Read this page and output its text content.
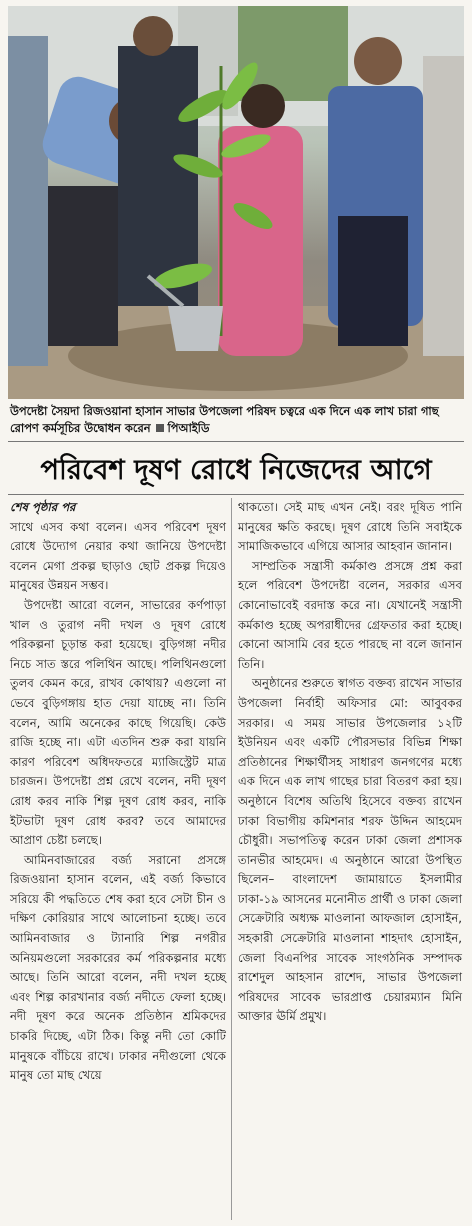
উপদেষ্টা সৈয়দা রিজওয়ানা হাসান সাভার উপজেলা পরিষদ চত্বরে এক দিনে এক লাখ চারা গাছ রোপণ কর্মসূচির উদ্বোধন করেন পিআইডি
পরিবেশ দূষণ রোধে নিজেদের আগে
শেষ পৃষ্ঠার পর

সাথে এসব কথা বলেন। এসব পরিবেশ দূষণ রোধে উদ্যোগ নেয়ার কথা জানিয়ে উপদেষ্টা বলেন মেগা প্রকল্প ছাড়াও ছোট প্রকল্প দিয়েও মানুষের উন্নয়ন সম্ভব।

উপদেষ্টা আরো বলেন, সাভারের কর্ণপাড়া খাল ও তুরাগ নদী দখল ও দূষণ রোধে পরিকল্পনা চূড়ান্ত করা হয়েছে। বুড়িগঙ্গা নদীর নিচে সাত স্তরে পলিথিন আছে। পলিথিনগুলো তুলব কেমন করে, রাখব কোথায়? এগুলো না ভেবে বুড়িগঙ্গায় হাত দেয়া যাচ্ছে না। তিনি বলেন, আমি অনেকের কাছে গিয়েছি। কেউ রাজি হচ্ছে না। এটা এতদিন শুরু করা যায়নি কারণ পরিবেশ অধিদফতরে ম্যাজিস্ট্রেট মাত্র চারজন। উপদেষ্টা প্রশ্ন রেখে বলেন, নদী দূষণ রোধ করব নাকি শিল্প দূষণ রোধ করব, নাকি ইটভাটা দূষণ রোধ করব? তবে আমাদের আপ্রাণ চেষ্টা চলছে।

আমিনবাজারের বর্জ্য সরানো প্রসঙ্গে রিজওয়ানা হাসান বলেন, এই বর্জ্য কিভাবে সরিয়ে কী পদ্ধতিতে শেষ করা হবে সেটা চীন ও দক্ষিণ কোরিয়ার সাথে আলোচনা হচ্ছে। তবে আমিনবাজার ও ট্যানারি শিল্প নগরীর অনিয়মগুলো সরকারের কর্ম পরিকল্পনার মধ্যে আছে। তিনি আরো বলেন, নদী দখল হচ্ছে এবং শিল্প কারখানার বর্জ্য নদীতে ফেলা হচ্ছে। নদী দূষণ করে অনেক প্রতিষ্ঠান শ্রমিকদের চাকরি দিচ্ছে, এটা ঠিক। কিন্তু নদী তো কোটি মানুষকে বাঁচিয়ে রাখে। ঢাকার নদীগুলো থেকে মানুষ তো মাছ খেয়ে

থাকতো। সেই মাছ এখন নেই। বরং দূষিত পানি মানুষের ক্ষতি করছে। দূষণ রোধে তিনি সবাইকে সামাজিকভাবে এগিয়ে আসার আহবান জানান।

সাম্প্রতিক সন্ত্রাসী কর্মকাণ্ড প্রসঙ্গে প্রশ্ন করা হলে পরিবেশ উপদেষ্টা বলেন, সরকার এসব কোনোভাবেই বরদাস্ত করে না। যেখানেই সন্ত্রাসী কর্মকাণ্ড হচ্ছে অপরাধীদের গ্রেফতার করা হচ্ছে। কোনো আসামি বের হতে পারছে না বলে জানান তিনি।

অনুষ্ঠানের শুরুতে স্বাগত বক্তব্য রাখেন সাভার উপজেলা নির্বাহী অফিসার মো: আবুবকর সরকার। এ সময় সাভার উপজেলার ১২টি ইউনিয়ন এবং একটি পৌরসভার বিভিন্ন শিক্ষা প্রতিষ্ঠানের শিক্ষার্থীসহ সাধারণ জনগণের মধ্যে এক দিনে এক লাখ গাছের চারা বিতরণ করা হয়। অনুষ্ঠানে বিশেষ অতিথি হিসেবে বক্তব্য রাখেন ঢাকা বিভাগীয় কমিশনার শরফ উদ্দিন আহমেদ চৌধুরী। সভাপতিত্ব করেন ঢাকা জেলা প্রশাসক তানভীর আহমেদ। এ অনুষ্ঠানে আরো উপস্থিত ছিলেন– বাংলাদেশ জামায়াতে ইসলামীর ঢাকা-১৯ আসনের মনোনীত প্রার্থী ও ঢাকা জেলা সেক্রেটারি অধ্যক্ষ মাওলানা আফজাল হোসাইন, সহকারী সেক্রেটারি মাওলানা শাহদাৎ হোসাইন, জেলা বিএনপির সাবেক সাংগঠনিক সম্পাদক রাশেদুল আহসান রাশেদ, সাভার উপজেলা পরিষদের সাবেক ভারপ্রাপ্ত চেয়ারম্যান মিনি আক্তার ঊর্মি প্রমুখ।
